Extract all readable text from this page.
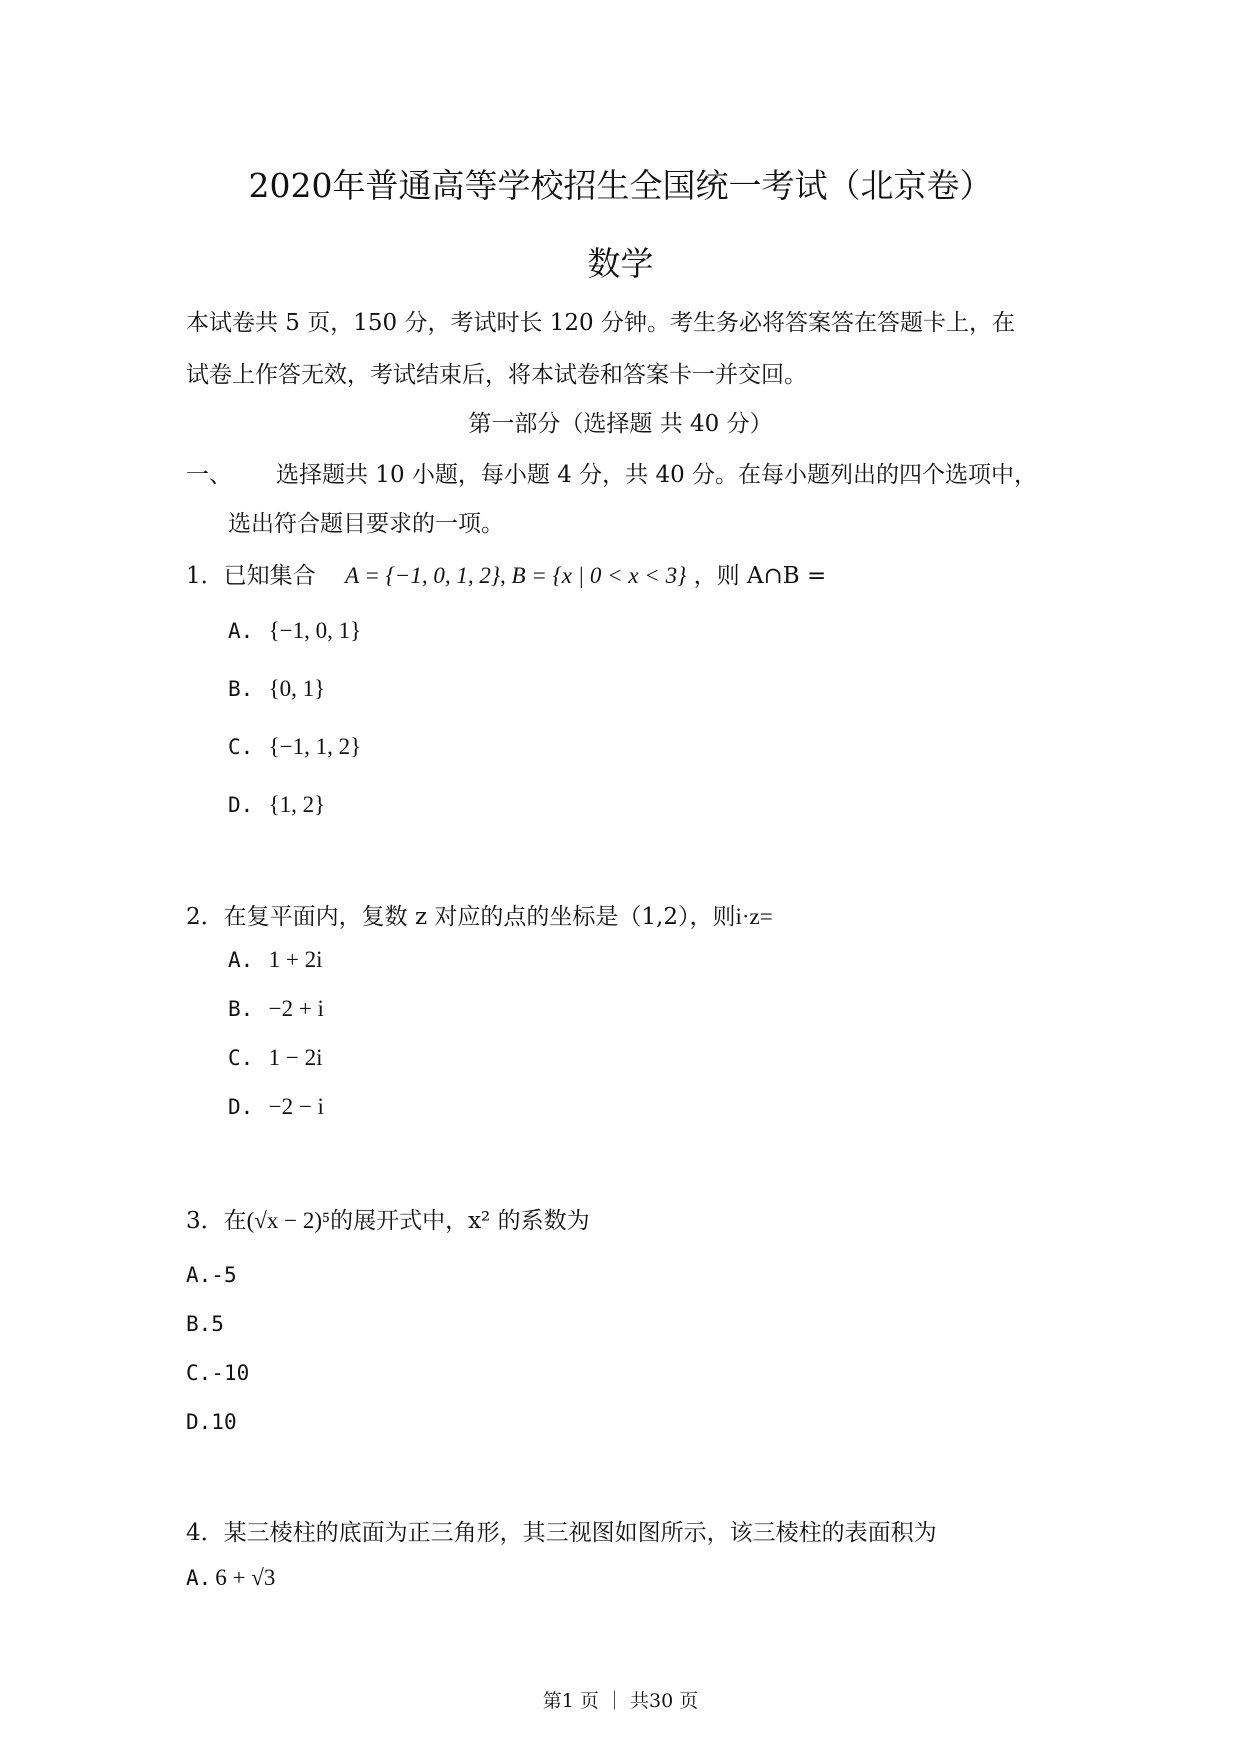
2020年普通高等学校招生全国统一考试（北京卷）
数学
本试卷共 5 页，150 分，考试时长 120 分钟。考生务必将答案答在答题卡上，在
试卷上作答无效，考试结束后，将本试卷和答案卡一并交回。
第一部分（选择题 共 40 分）
一、 选择题共 10 小题，每小题 4 分，共 40 分。在每小题列出的四个选项中，
选出符合题目要求的一项。
1．已知集合 A = {−1, 0, 1, 2}, B = {x | 0 < x < 3} ，则 A∩B =
A. {−1, 0, 1}
B. {0, 1}
C. {−1, 1, 2}
D. {1, 2}
2．在复平面内，复数 z 对应的点的坐标是（1,2），则i·z=
A. 1 + 2i
B. −2 + i
C. 1 − 2i
D. −2 − i
3．在(√x − 2)⁵的展开式中，x² 的系数为
A.-5
B.5
C.-10
D.10
4．某三棱柱的底面为正三角形，其三视图如图所示，该三棱柱的表面积为
A. 6 + √3
第1 页 ｜ 共30 页
